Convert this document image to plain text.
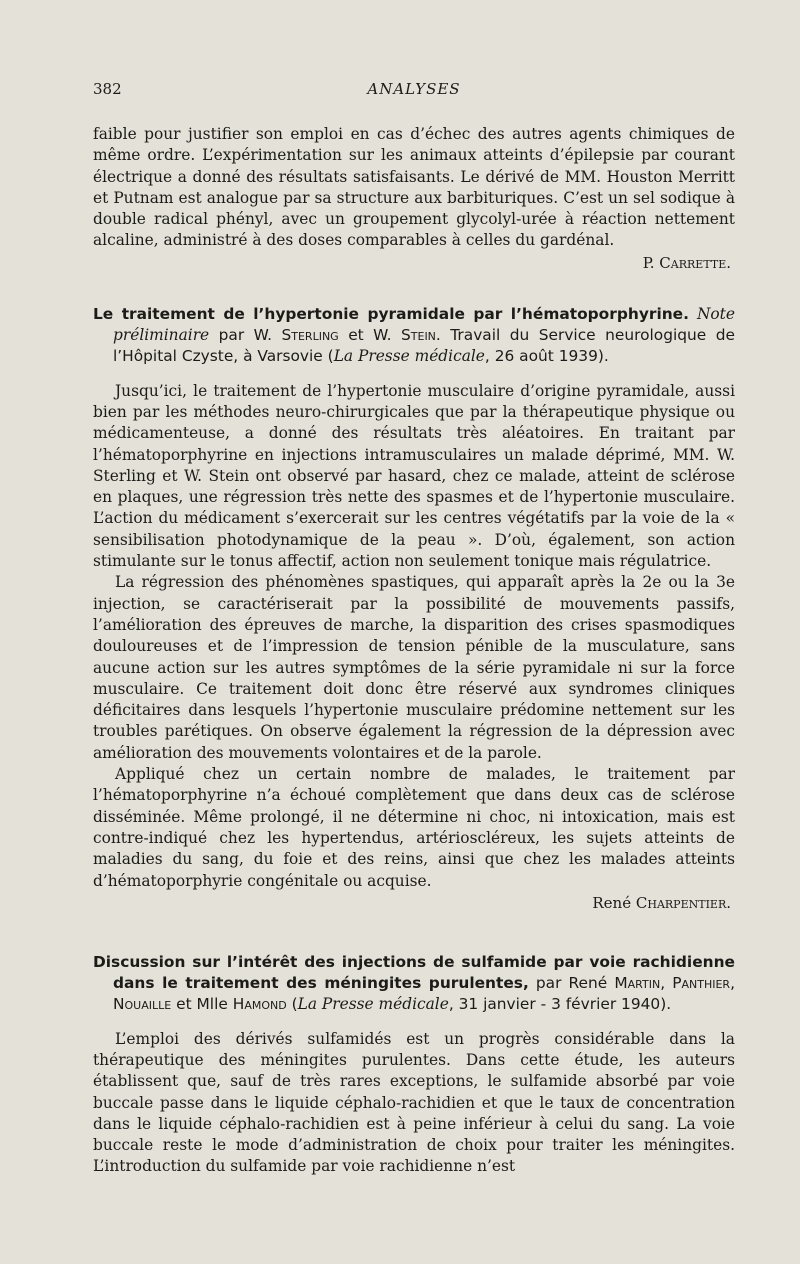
382	ANALYSES

faible pour justifier son emploi en cas d’échec des autres agents chimiques de même ordre. L’expérimentation sur les animaux atteints d’épilepsie par courant électrique a donné des résultats satisfaisants. Le dérivé de MM. Houston Merritt et Putnam est analogue par sa structure aux barbituriques. C’est un sel sodique à double radical phényl, avec un groupement glycolyl-urée à réaction nettement alcaline, administré à des doses comparables à celles du gardénal.

P. Carrette.

Le traitement de l’hypertonie pyramidale par l’hématoporphyrine. Note préliminaire par W. Sterling et W. Stein. Travail du Service neurologique de l’Hôpital Czyste, à Varsovie (La Presse médicale, 26 août 1939).

Jusqu’ici, le traitement de l’hypertonie musculaire d’origine pyramidale, aussi bien par les méthodes neuro-chirurgicales que par la thérapeutique physique ou médicamenteuse, a donné des résultats très aléatoires. En traitant par l’hématoporphyrine en injections intramusculaires un malade déprimé, MM. W. Sterling et W. Stein ont observé par hasard, chez ce malade, atteint de sclérose en plaques, une régression très nette des spasmes et de l’hypertonie musculaire. L’action du médicament s’exercerait sur les centres végétatifs par la voie de la « sensibilisation photodynamique de la peau ». D’où, également, son action stimulante sur le tonus affectif, action non seulement tonique mais régulatrice.

La régression des phénomènes spastiques, qui apparaît après la 2e ou la 3e injection, se caractériserait par la possibilité de mouvements passifs, l’amélioration des épreuves de marche, la disparition des crises spasmodiques douloureuses et de l’impression de tension pénible de la musculature, sans aucune action sur les autres symptômes de la série pyramidale ni sur la force musculaire. Ce traitement doit donc être réservé aux syndromes cliniques déficitaires dans lesquels l’hypertonie musculaire prédomine nettement sur les troubles parétiques. On observe également la régression de la dépression avec amélioration des mouvements volontaires et de la parole.

Appliqué chez un certain nombre de malades, le traitement par l’hématoporphyrine n’a échoué complètement que dans deux cas de sclérose disséminée. Même prolongé, il ne détermine ni choc, ni intoxication, mais est contre-indiqué chez les hypertendus, artérioscléreux, les sujets atteints de maladies du sang, du foie et des reins, ainsi que chez les malades atteints d’hématoporphyrie congénitale ou acquise.

René Charpentier.

Discussion sur l’intérêt des injections de sulfamide par voie rachidienne dans le traitement des méningites purulentes, par René Martin, Panthier, Nouaille et Mlle Hamond (La Presse médicale, 31 janvier - 3 février 1940).

L’emploi des dérivés sulfamidés est un progrès considérable dans la thérapeutique des méningites purulentes. Dans cette étude, les auteurs établissent que, sauf de très rares exceptions, le sulfamide absorbé par voie buccale passe dans le liquide céphalo-rachidien et que le taux de concentration dans le liquide céphalo-rachidien est à peine inférieur à celui du sang. La voie buccale reste le mode d’administration de choix pour traiter les méningites. L’introduction du sulfamide par voie rachidienne n’est
